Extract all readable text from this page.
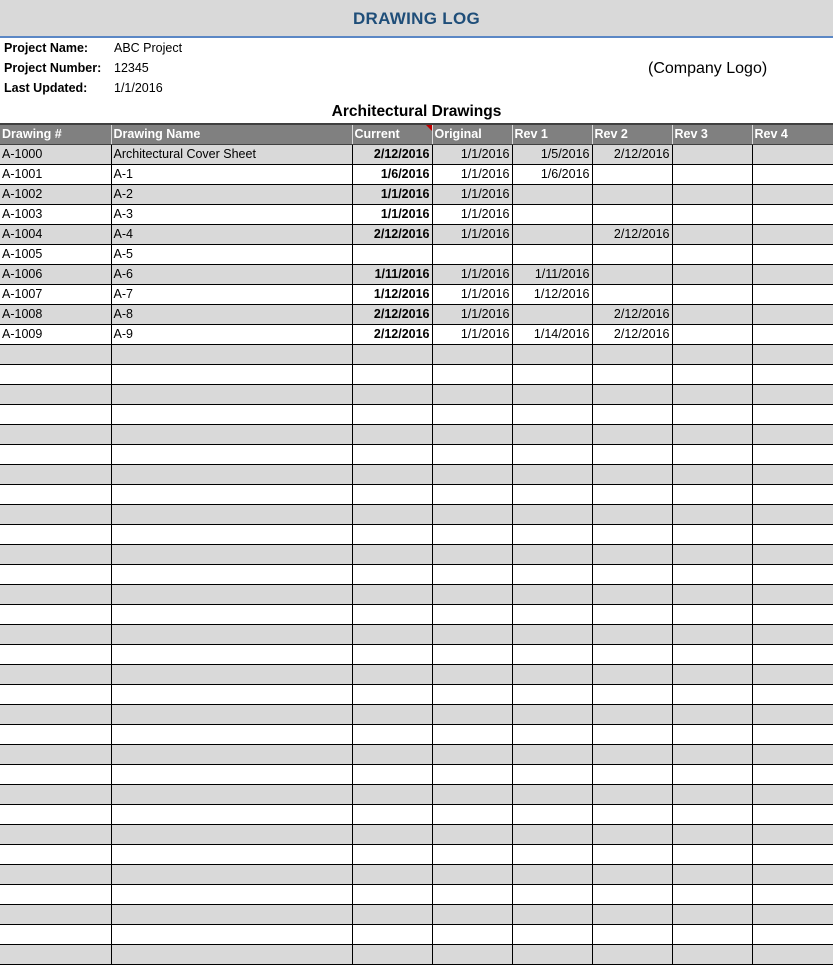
DRAWING LOG
Project Name: ABC Project
Project Number: 12345
Last Updated: 1/1/2016
(Company Logo)
Architectural Drawings
Drawing #	Drawing Name	Current	Original	Rev 1	Rev 2	Rev 3	Rev 4
A-1000	Architectural Cover Sheet	2/12/2016	1/1/2016	1/5/2016	2/12/2016		
A-1001	A-1	1/6/2016	1/1/2016	1/6/2016			
A-1002	A-2	1/1/2016	1/1/2016				
A-1003	A-3	1/1/2016	1/1/2016				
A-1004	A-4	2/12/2016	1/1/2016		2/12/2016		
A-1005	A-5						
A-1006	A-6	1/11/2016	1/1/2016	1/11/2016			
A-1007	A-7	1/12/2016	1/1/2016	1/12/2016			
A-1008	A-8	2/12/2016	1/1/2016		2/12/2016		
A-1009	A-9	2/12/2016	1/1/2016	1/14/2016	2/12/2016		
